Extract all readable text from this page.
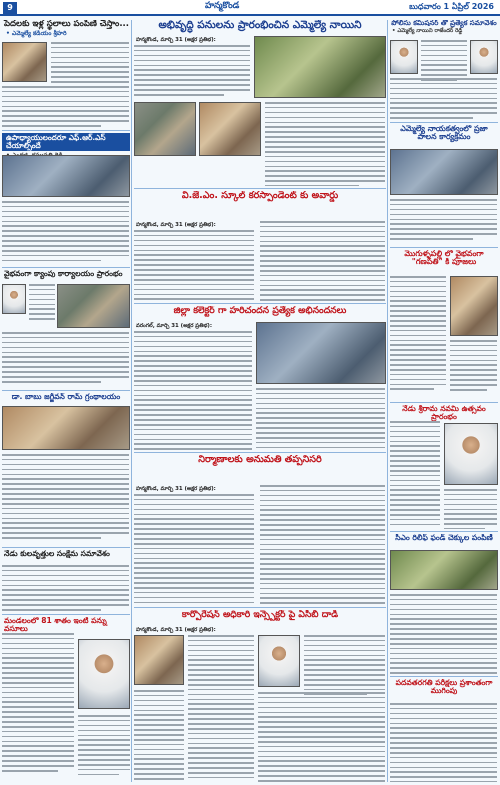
9	హన్మకొండ	బుధవారం 1 ఏప్రిల్ 2026
పేదలకు ఇళ్ల స్థలాలు పంపిణీ చేస్తాం...
• ఎమ్మెల్యే కడియం శ్రీహరి
ఉపాధ్యాయులందరూ ఎఫ్.ఆర్.ఎస్ చేయాల్సిందే
వైభవంగా క్యాంపు కార్యాలయం ప్రారంభం
డా. బాబు జగ్జీవన్ రామ్ గ్రంథాలయం
నేడు కులవృత్తుల సంక్షేమ సమావేశం
మండలంలో 81 శాతం ఇంటి పన్ను వసూలు
అభివృద్ధి పనులను ప్రారంభించిన ఎమ్మెల్యే నాయిని
హన్మకొండ, మార్చి 31 (అక్షర ప్రతిభ):
వి.జే.ఎం. స్కూల్ కరస్పాండెంట్ కు అవార్డు
హన్మకొండ, మార్చి 31 (అక్షర ప్రతిభ):
జిల్లా కలెక్టర్ గా హరిచందన ప్రత్యేక అభినందనలు
వరంగల్, మార్చి 31 (అక్షర ప్రతిభ):
నిర్మాణాలకు అనుమతి తప్పనిసరి
హన్మకొండ, మార్చి 31 (అక్షర ప్రతిభ):
కార్పొరేషన్ అధికారి ఇన్స్పెక్టర్ పై ఏసీబీ దాడి
హన్మకొండ, మార్చి 31 (అక్షర ప్రతిభ):
పోలీసు కమిషనర్ తో ప్రత్యేక సమావేశం
• ఎమ్మెల్యే నాయిని రాజేందర్ రెడ్డి
ఎమ్మెల్యే నాయకత్వంలో ప్రజా పాలన కార్యక్రమం
మొగుళ్ళపల్లి లో వైభవంగా "గణపతి" కి పూజలు
నేడు శ్రీరామ నవమి ఉత్సవం ప్రారంభం
సీఎం రిలీఫ్ ఫండ్ చెక్కుల పంపిణీ
పదవతరగతి పరీక్షలు ప్రశాంతంగా ముగింపు
